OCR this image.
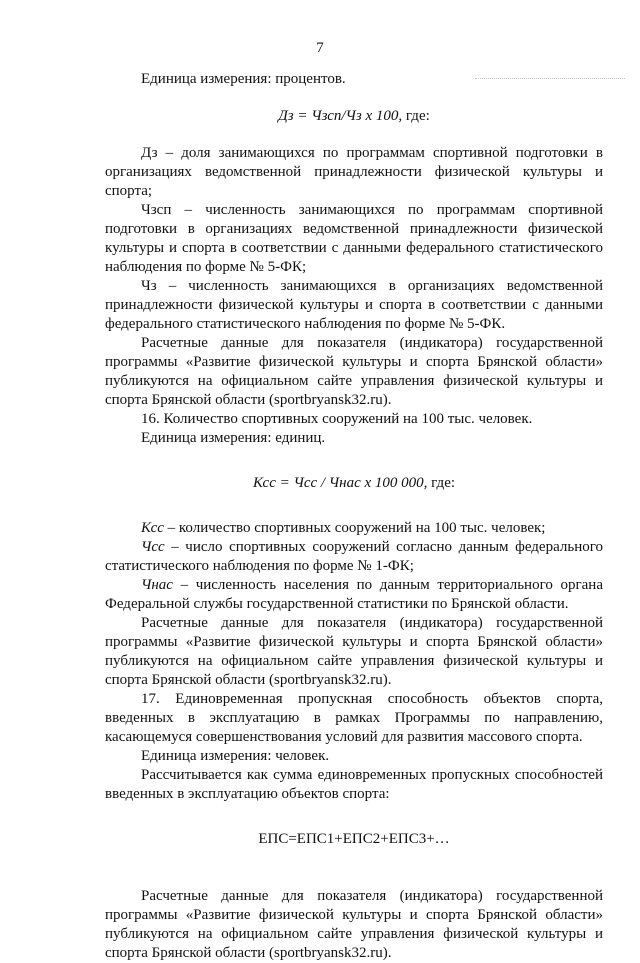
7

Единица измерения: процентов.

Дз = Чзсп/Чз х 100, где:

Дз – доля занимающихся по программам спортивной подготовки в организациях ведомственной принадлежности физической культуры и спорта;

Чзсп – численность занимающихся по программам спортивной подготовки в организациях ведомственной принадлежности физической культуры и спорта в соответствии с данными федерального статистического наблюдения по форме № 5-ФК;

Чз – численность занимающихся в организациях ведомственной принадлежности физической культуры и спорта в соответствии с данными федерального статистического наблюдения по форме № 5-ФК.

Расчетные данные для показателя (индикатора) государственной программы «Развитие физической культуры и спорта Брянской области» публикуются на официальном сайте управления физической культуры и спорта Брянской области (sportbryansk32.ru).

16. Количество спортивных сооружений на 100 тыс. человек.

Единица измерения: единиц.

Ксс = Чсс / Чнас х 100 000, где:

Ксс – количество спортивных сооружений на 100 тыс. человек;

Чсс – число спортивных сооружений согласно данным федерального статистического наблюдения по форме № 1-ФК;

Чнас – численность населения по данным территориального органа Федеральной службы государственной статистики по Брянской области.

Расчетные данные для показателя (индикатора) государственной программы «Развитие физической культуры и спорта Брянской области» публикуются на официальном сайте управления физической культуры и спорта Брянской области (sportbryansk32.ru).

17. Единовременная пропускная способность объектов спорта, введенных в эксплуатацию в рамках Программы по направлению, касающемуся совершенствования условий для развития массового спорта.

Единица измерения: человек.

Рассчитывается как сумма единовременных пропускных способностей введенных в эксплуатацию объектов спорта:

ЕПС=ЕПС1+ЕПС2+ЕПС3+…

Расчетные данные для показателя (индикатора) государственной программы «Развитие физической культуры и спорта Брянской области» публикуются на официальном сайте управления физической культуры и спорта Брянской области (sportbryansk32.ru).
